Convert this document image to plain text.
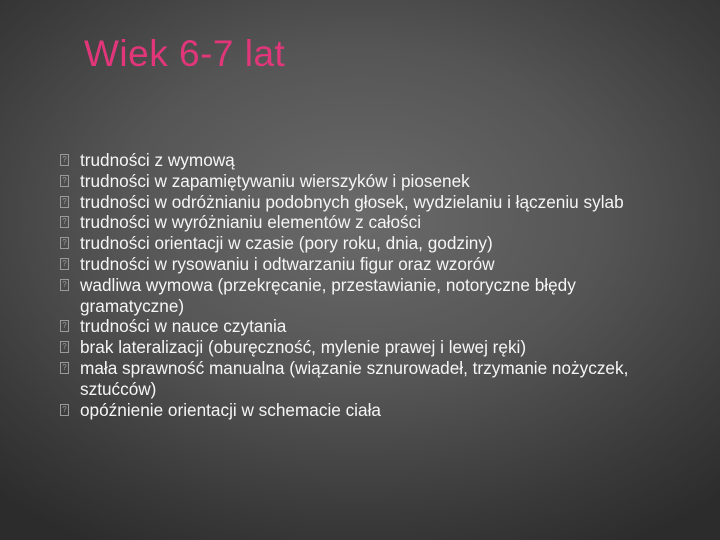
Wiek 6-7 lat
? trudności z wymową
? trudności w zapamiętywaniu wierszyków i piosenek
? trudności w odróżnianiu podobnych głosek, wydzielaniu i łączeniu sylab
? trudności w wyróżnianiu elementów z całości
? trudności orientacji w czasie (pory roku, dnia, godziny)
? trudności w rysowaniu i odtwarzaniu figur oraz wzorów
? wadliwa wymowa (przekręcanie, przestawianie, notoryczne błędy gramatyczne)
? trudności w nauce czytania
? brak lateralizacji (oburęczność, mylenie prawej i lewej ręki)
? mała sprawność manualna (wiązanie sznurowadeł, trzymanie nożyczek, sztućców)
? opóźnienie orientacji w schemacie ciała
